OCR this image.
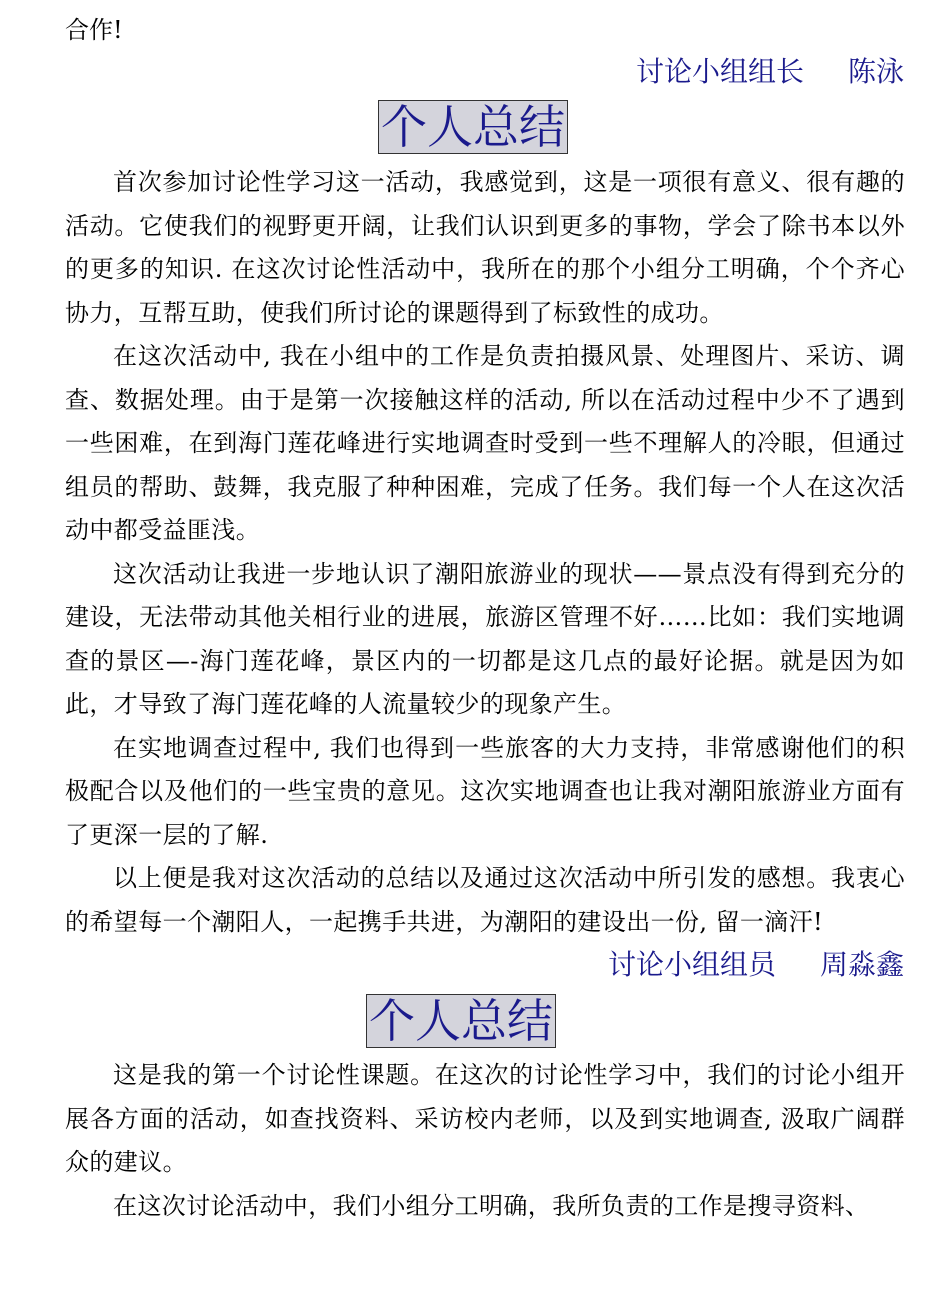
合作!
讨论小组组长 陈泳
个人总结

首次参加讨论性学习这一活动，我感觉到，这是一项很有意义、很有趣的活动。它使我们的视野更开阔，让我们认识到更多的事物，学会了除书本以外的更多的知识. 在这次讨论性活动中，我所在的那个小组分工明确，个个齐心协力，互帮互助，使我们所讨论的课题得到了标致性的成功。

在这次活动中, 我在小组中的工作是负责拍摄风景、处理图片、采访、调查、数据处理。由于是第一次接触这样的活动, 所以在活动过程中少不了遇到一些困难，在到海门莲花峰进行实地调查时受到一些不理解人的冷眼，但通过组员的帮助、鼓舞，我克服了种种困难，完成了任务。我们每一个人在这次活动中都受益匪浅。

这次活动让我进一步地认识了潮阳旅游业的现状——景点没有得到充分的建设，无法带动其他关相行业的进展，旅游区管理不好……比如：我们实地调查的景区—-海门莲花峰，景区内的一切都是这几点的最好论据。就是因为如此，才导致了海门莲花峰的人流量较少的现象产生。

在实地调查过程中, 我们也得到一些旅客的大力支持，非常感谢他们的积极配合以及他们的一些宝贵的意见。这次实地调查也让我对潮阳旅游业方面有了更深一层的了解.

以上便是我对这次活动的总结以及通过这次活动中所引发的感想。我衷心的希望每一个潮阳人，一起携手共进，为潮阳的建设出一份, 留一滴汗!

讨论小组组员 周淼鑫
个人总结

这是我的第一个讨论性课题。在这次的讨论性学习中，我们的讨论小组开展各方面的活动，如查找资料、采访校内老师，以及到实地调查, 汲取广阔群众的建议。

在这次讨论活动中，我们小组分工明确，我所负责的工作是搜寻资料、
